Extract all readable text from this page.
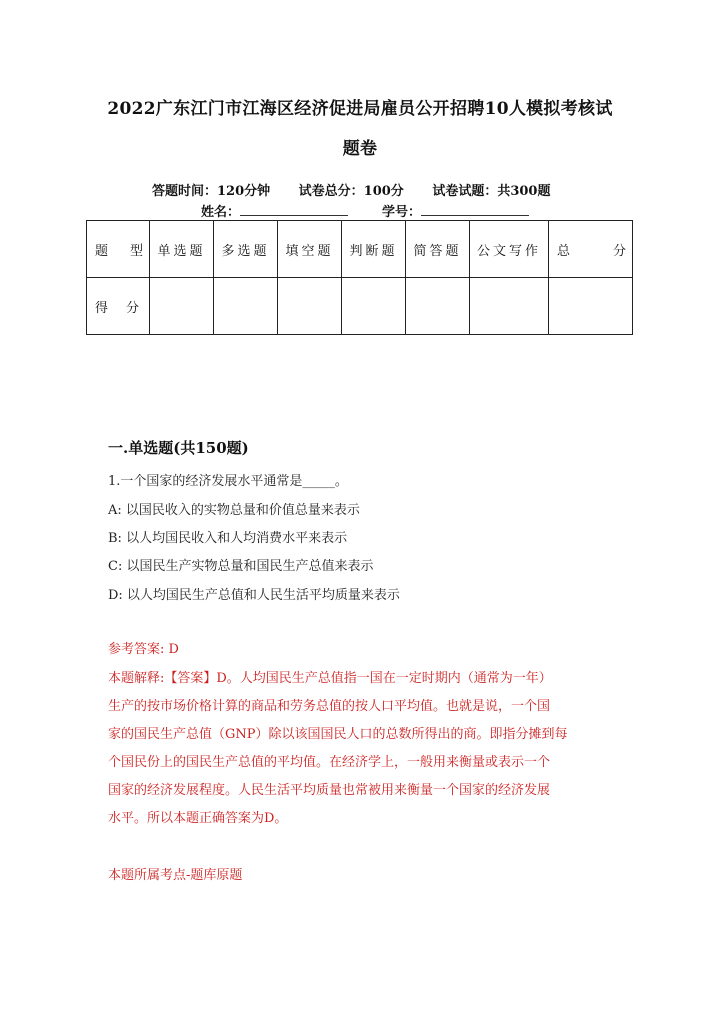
2022广东江门市江海区经济促进局雇员公开招聘10人模拟考核试
题卷
答题时间：120分钟 试卷总分：100分 试卷试题：共300题
姓名：	学号：
题 型	单选题	多选题	填空题	判断题	简答题	公文写作	总 分

得 分							

一.单选题(共150题)
1.一个国家的经济发展水平通常是_____。
A: 以国民收入的实物总量和价值总量来表示
B: 以人均国民收入和人均消费水平来表示
C: 以国民生产实物总量和国民生产总值来表示
D: 以人均国民生产总值和人民生活平均质量来表示
参考答案: D
本题解释:【答案】D。人均国民生产总值指一国在一定时期内（通常为一年）
生产的按市场价格计算的商品和劳务总值的按人口平均值。也就是说，一个国
家的国民生产总值（GNP）除以该国国民人口的总数所得出的商。即指分摊到每
个国民份上的国民生产总值的平均值。在经济学上，一般用来衡量或表示一个
国家的经济发展程度。人民生活平均质量也常被用来衡量一个国家的经济发展
水平。所以本题正确答案为D。
本题所属考点-题库原题
